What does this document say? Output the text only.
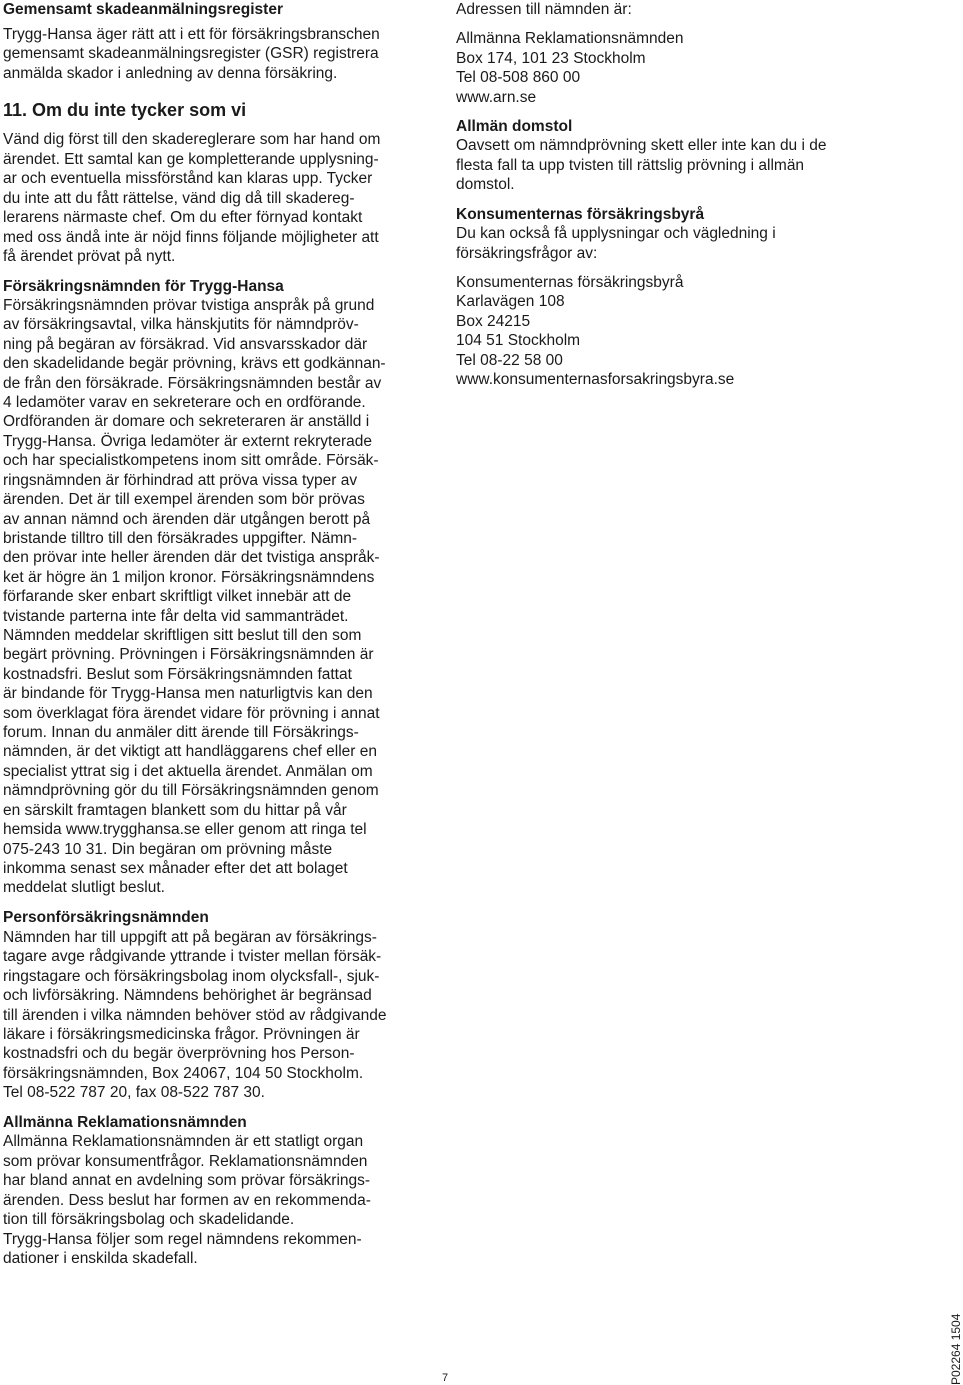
Gemensamt skadeanmälningsregister
Trygg-Hansa äger rätt att i ett för försäkringsbranschen
gemensamt skadeanmälningsregister (GSR) registrera
anmälda skador i anledning av denna försäkring.
11. Om du inte tycker som vi
Vänd dig först till den skadereglerare som har hand om
ärendet. Ett samtal kan ge kompletterande upplysning-
ar och eventuella missförstånd kan klaras upp. Tycker
du inte att du fått rättelse, vänd dig då till skadereg-
lerarens närmaste chef. Om du efter förnyad kontakt
med oss ändå inte är nöjd finns följande möjligheter att
få ärendet prövat på nytt.
Försäkringsnämnden för Trygg-Hansa
Försäkringsnämnden prövar tvistiga anspråk på grund
av försäkringsavtal, vilka hänskjutits för nämndpröv-
ning på begäran av försäkrad. Vid ansvarsskador där
den skadelidande begär prövning, krävs ett godkännan-
de från den försäkrade. Försäkringsnämnden består av
4 ledamöter varav en sekreterare och en ordförande.
Ordföranden är domare och sekreteraren är anställd i
Trygg-Hansa. Övriga ledamöter är externt rekryterade
och har specialistkompetens inom sitt område. Försäk-
ringsnämnden är förhindrad att pröva vissa typer av
ärenden. Det är till exempel ärenden som bör prövas
av annan nämnd och ärenden där utgången berott på
bristande tilltro till den försäkrades uppgifter. Nämn-
den prövar inte heller ärenden där det tvistiga anspråk-
ket är högre än 1 miljon kronor. Försäkringsnämndens
förfarande sker enbart skriftligt vilket innebär att de
tvistande parterna inte får delta vid sammanträdet.
Nämnden meddelar skriftligen sitt beslut till den som
begärt prövning. Prövningen i Försäkringsnämnden är
kostnadsfri. Beslut som Försäkringsnämnden fattat
är bindande för Trygg-Hansa men naturligtvis kan den
som överklagat föra ärendet vidare för prövning i annat
forum. Innan du anmäler ditt ärende till Försäkrings-
nämnden, är det viktigt att handläggarens chef eller en
specialist yttrat sig i det aktuella ärendet. Anmälan om
nämndprövning gör du till Försäkringsnämnden genom
en särskilt framtagen blankett som du hittar på vår
hemsida www.trygghansa.se eller genom att ringa tel
075-243 10 31. Din begäran om prövning måste
inkomma senast sex månader efter det att bolaget
meddelat slutligt beslut.
Personförsäkringsnämnden
Nämnden har till uppgift att på begäran av försäkrings-
tagare avge rådgivande yttrande i tvister mellan försäk-
ringstagare och försäkringsbolag inom olycksfall-, sjuk-
och livförsäkring. Nämndens behörighet är begränsad
till ärenden i vilka nämnden behöver stöd av rådgivande
läkare i försäkringsmedicinska frågor. Prövningen är
kostnadsfri och du begär överprövning hos Person-
försäkringsnämnden, Box 24067, 104 50 Stockholm.
Tel 08-522 787 20, fax 08-522 787 30.
Allmänna Reklamationsnämnden
Allmänna Reklamationsnämnden är ett statligt organ
som prövar konsumentfrågor. Reklamationsnämnden
har bland annat en avdelning som prövar försäkrings-
ärenden. Dess beslut har formen av en rekommenda-
tion till försäkringsbolag och skadelidande.
Trygg-Hansa följer som regel nämndens rekommen-
dationer i enskilda skadefall.
Adressen till nämnden är:
Allmänna Reklamationsnämnden
Box 174, 101 23 Stockholm
Tel 08-508 860 00
www.arn.se
Allmän domstol
Oavsett om nämndprövning skett eller inte kan du i de
flesta fall ta upp tvisten till rättslig prövning i allmän
domstol.
Konsumenternas försäkringsbyrå
Du kan också få upplysningar och vägledning i
försäkringsfrågor av:
Konsumenternas försäkringsbyrå
Karlavägen 108
Box 24215
104 51 Stockholm
Tel 08-22 58 00
www.konsumenternasforsakringsbyra.se
7	P02264 1504
